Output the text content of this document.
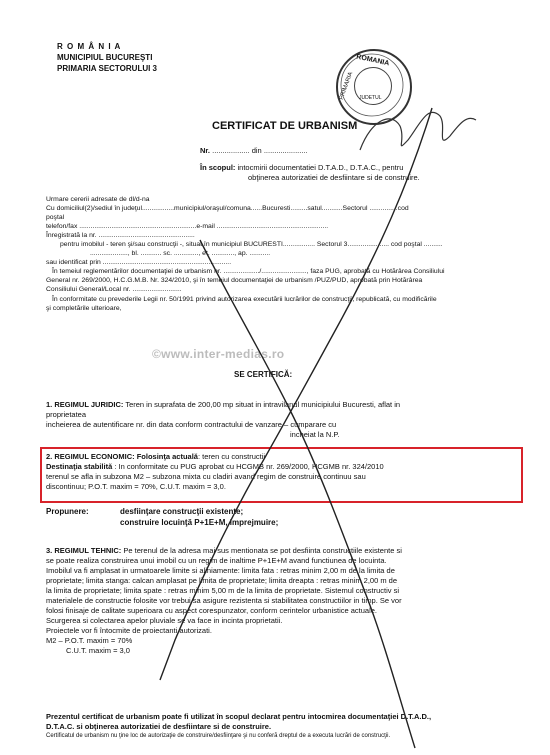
R O M Â N I A
MUNICIPIUL BUCUREŞTI
PRIMARIA SECTORULUI 3
ROMANIA
PRIMARIA JUDETUL
CERTIFICAT DE URBANISM
Nr. .................. din .....................
În scopul: intocmirii documentatiei D.T.A.D., D.T.A.C., pentru
obţinerea autorizatiei de desfiintare si de construire.
Urmare cererii adresate de dl/d-na
Cu domiciliul(2)/sediul în judeţul.................municipiul/oraşul/comuna......Bucuresti.........satul...........Sectorul ...............cod
poştal
telefon/fax ..............................................................e-mail ...........................................................
Înregistrată la nr. ...................................................
pentru imobilul - teren şi/sau construcţii -, situat în municipiul BUCURESTI................. Sectorul 3...................... cod poştal ..........
...................., bl. ........... sc. ............., et. ............, ap. ...........
sau identificat prin ....................................................................
În temeiul reglementărilor documentaţiei de urbanism nr. .................../........................, faza PUG, aprobată cu Hotărârea Consiliului
General nr. 269/2000, H.C.G.M.B. Nr. 324/2010, şi în temeiul documentaţiei de urbanism /PUZ/PUD, aprobată prin Hotărârea
Consiliului General/Local nr. ..........................
În conformitate cu prevederile Legii nr. 50/1991 privind autorizarea executării lucrărilor de construcţii, republicată, cu modificările
şi completările ulterioare,
©www.inter-medias.ro
SE CERTIFICĂ:
1. REGIMUL JURIDIC: Teren in suprafata de 200,00 mp situat in intravilanul municipiului Bucuresti, aflat in
proprietatea
incheierea de autentificare nr. din data conform contractului de vanzare – cumparare cu
incheiat la N.P.
2. REGIMUL ECONOMIC: Folosinţa actuală: teren cu constructii
Destinaţia stabilită : In conformitate cu PUG aprobat cu HCGMB nr. 269/2000, HCGMB nr. 324/2010
terenul se afla in subzona M2 – subzona mixta cu cladiri avand regim de construire continuu sau
discontinuu; P.O.T. maxim = 70%, C.U.T. maxim = 3,0.
Propunere:	desfiinţare construcţii existente;
construire locuinţă P+1E+M, imprejmuire;
3. REGIMUL TEHNIC: Pe terenul de la adresa mai sus mentionata se pot desfiinta constructiile existente si
se poate realiza construirea unui imobil cu un regim de inaltime P+1E+M avand functiunea de locuinta.
Imobilul va fi amplasat in urmatoarele limite si aliniamente: limita fata : retras minim 2,00 m de la limita de
proprietate; limita stanga: calcan amplasat pe limita de proprietate; limita dreapta : retras minim 2,00 m de
la limita de proprietate; limita spate : retras minim 5,00 m de la limita de proprietate. Sistemul constructiv si
materialele de constructie folosite vor trebui sa asigure rezistenta si stabilitatea constructiilor in timp. Se vor
folosi finisaje de calitate superioara cu aspect corespunzator, conform cerintelor urbanistice actuale.
Scurgerea si colectarea apelor pluviale se va face in incinta proprietatii.
Proiectele vor fi întocmite de proiectanti autorizati.
M2 – P.O.T. maxim = 70%
C.U.T. maxim = 3,0
Prezentul certificat de urbanism poate fi utilizat în scopul declarat pentru intocmirea documentaţiei D.T.A.D.,
D.T.A.C. si obţinerea autorizatiei de desfiintare si de construire.
Certificatul de urbanism nu ţine loc de autorizaţie de construire/desfiinţare şi nu conferă dreptul de a executa lucrări de construcţii.
